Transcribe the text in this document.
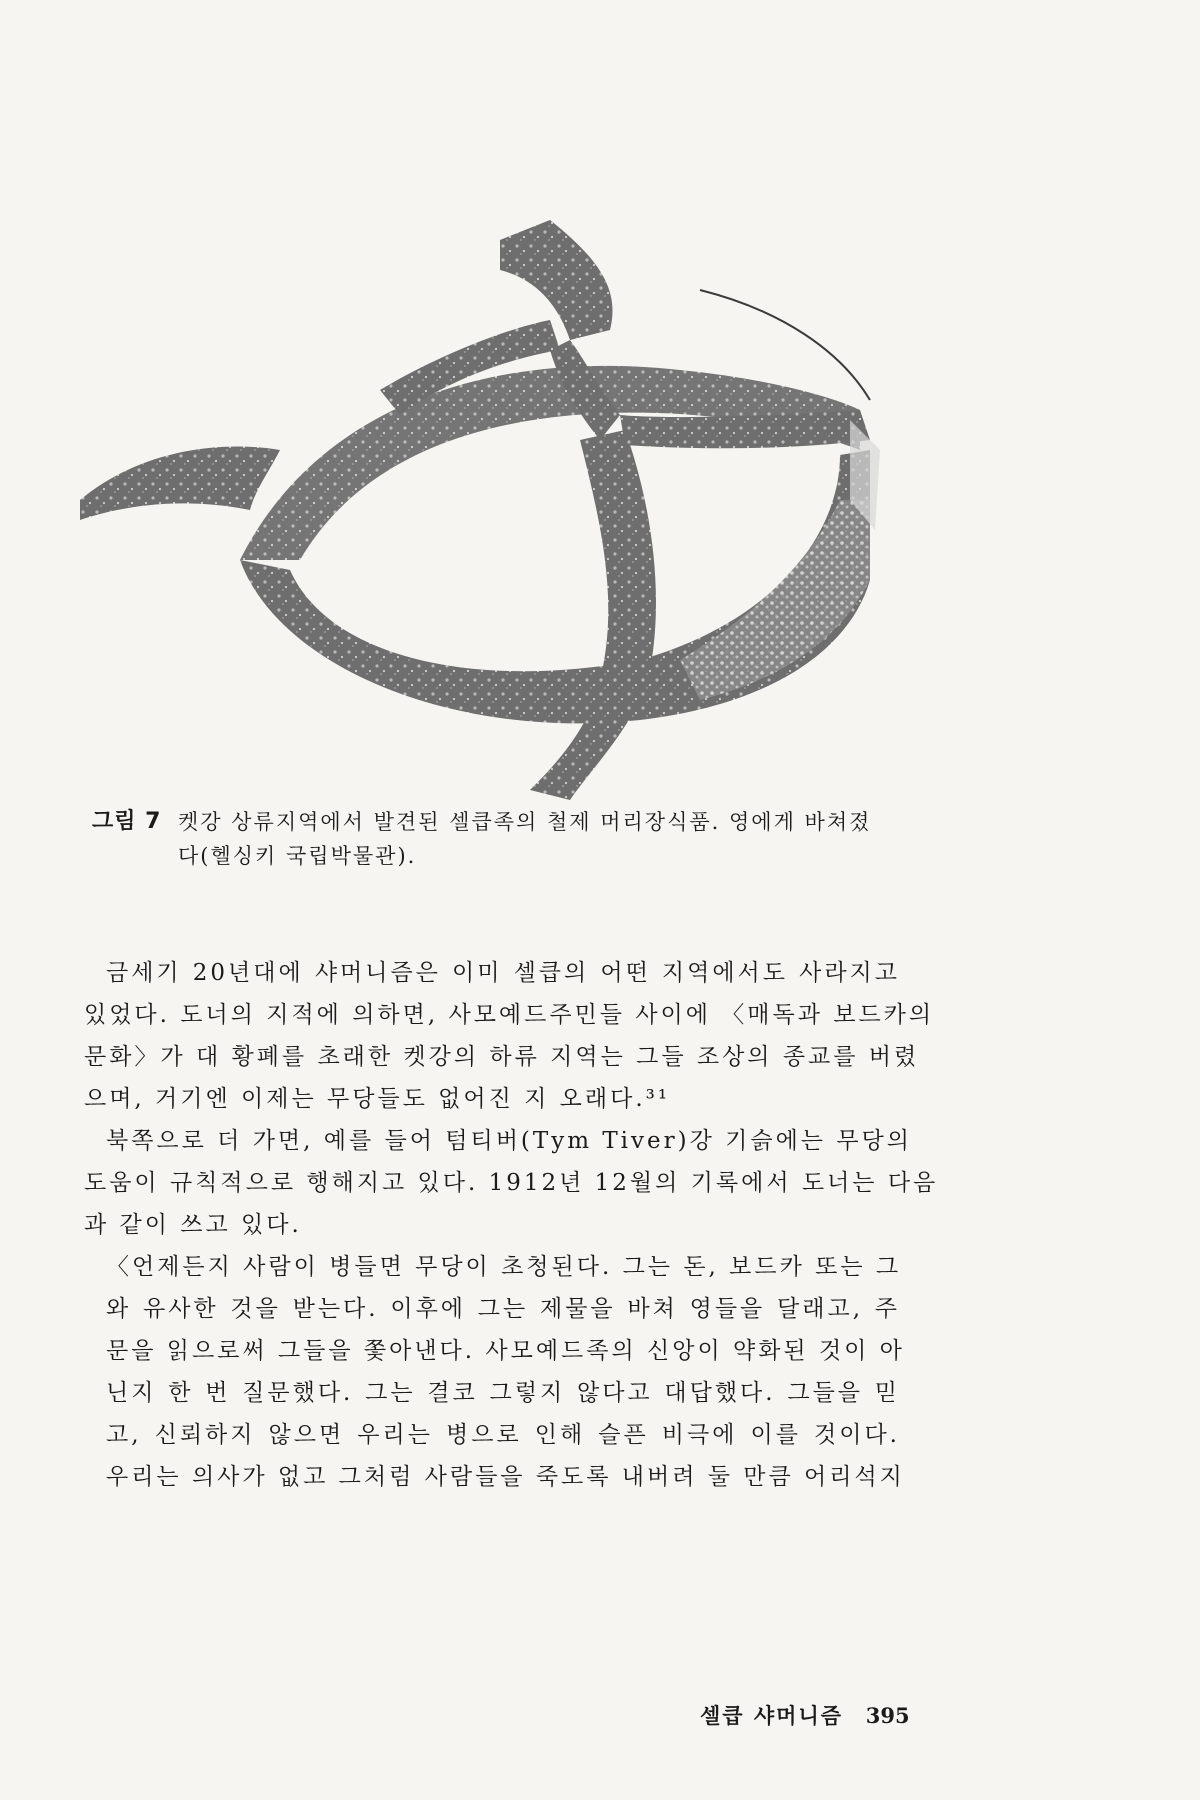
그림 7 켓강 상류지역에서 발견된 셀큽족의 철제 머리장식품. 영에게 바쳐졌
다(헬싱키 국립박물관).

금세기 20년대에 샤머니즘은 이미 셀큽의 어떤 지역에서도 사라지고
있었다. 도너의 지적에 의하면, 사모예드주민들 사이에 〈매독과 보드카의
문화〉가 대 황폐를 초래한 켓강의 하류 지역는 그들 조상의 종교를 버렸
으며, 거기엔 이제는 무당들도 없어진 지 오래다.³¹

북쪽으로 더 가면, 예를 들어 텀티버(Tym Tiver)강 기슭에는 무당의
도움이 규칙적으로 행해지고 있다. 1912년 12월의 기록에서 도너는 다음
과 같이 쓰고 있다.

〈언제든지 사람이 병들면 무당이 초청된다. 그는 돈, 보드카 또는 그
와 유사한 것을 받는다. 이후에 그는 제물을 바쳐 영들을 달래고, 주
문을 읽으로써 그들을 쫓아낸다. 사모예드족의 신앙이 약화된 것이 아
닌지 한 번 질문했다. 그는 결코 그렇지 않다고 대답했다. 그들을 믿
고, 신뢰하지 않으면 우리는 병으로 인해 슬픈 비극에 이를 것이다.
우리는 의사가 없고 그처럼 사람들을 죽도록 내버려 둘 만큼 어리석지

셀큽 샤머니즘 395
